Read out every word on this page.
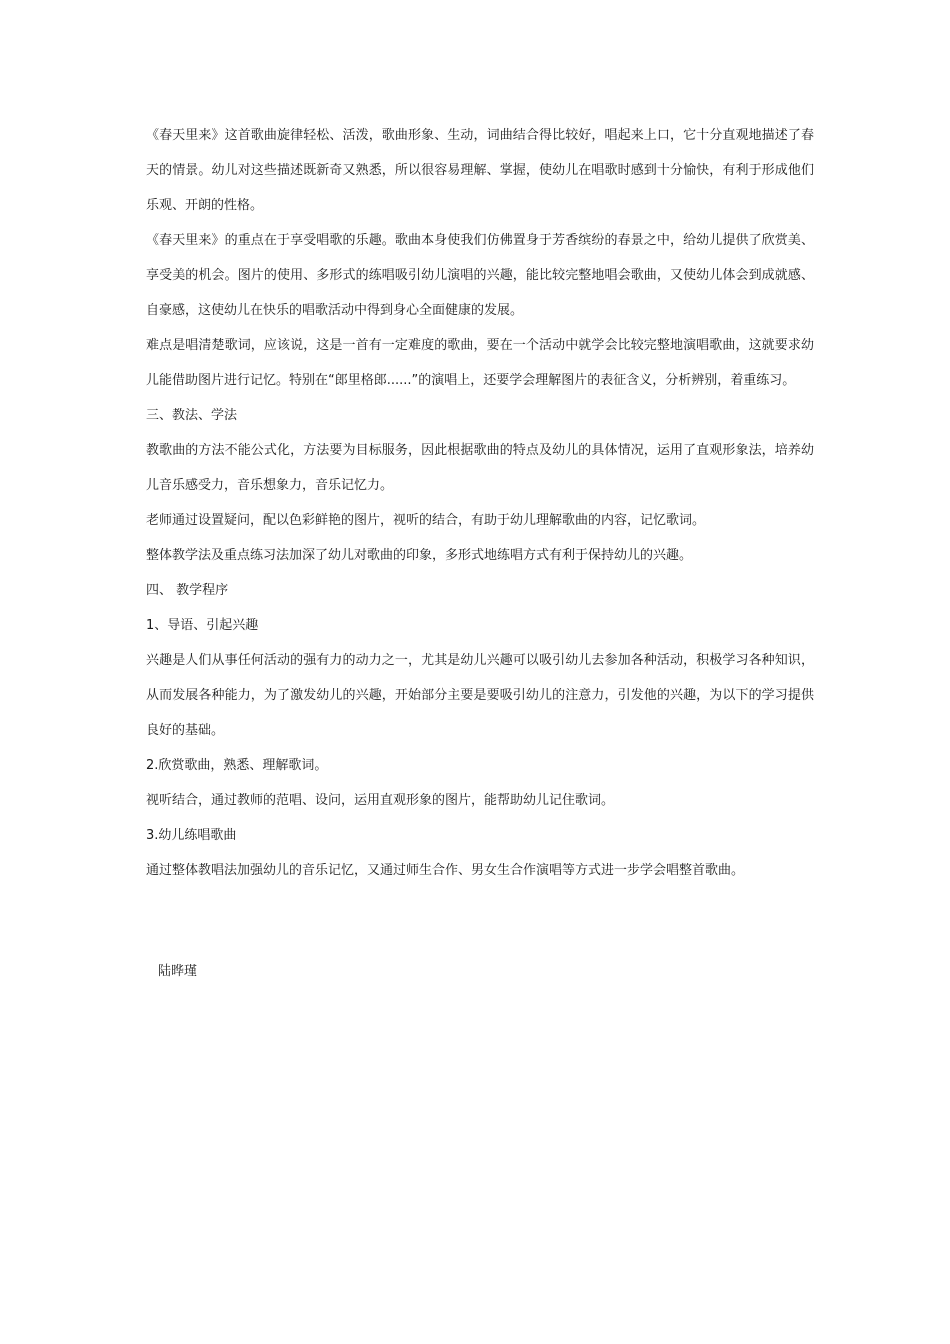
《春天里来》这首歌曲旋律轻松、活泼，歌曲形象、生动，词曲结合得比较好，唱起来上口，它十分直观地描述了春天的情景。幼儿对这些描述既新奇又熟悉，所以很容易理解、掌握，使幼儿在唱歌时感到十分愉快，有利于形成他们乐观、开朗的性格。

《春天里来》的重点在于享受唱歌的乐趣。歌曲本身使我们仿佛置身于芳香缤纷的春景之中，给幼儿提供了欣赏美、享受美的机会。图片的使用、多形式的练唱吸引幼儿演唱的兴趣，能比较完整地唱会歌曲，又使幼儿体会到成就感、自豪感，这使幼儿在快乐的唱歌活动中得到身心全面健康的发展。

难点是唱清楚歌词，应该说，这是一首有一定难度的歌曲，要在一个活动中就学会比较完整地演唱歌曲，这就要求幼儿能借助图片进行记忆。特别在“郎里格郎......”的演唱上，还要学会理解图片的表征含义，分析辨别，着重练习。

三、教法、学法

教歌曲的方法不能公式化，方法要为目标服务，因此根据歌曲的特点及幼儿的具体情况，运用了直观形象法，培养幼儿音乐感受力，音乐想象力，音乐记忆力。

老师通过设置疑问，配以色彩鲜艳的图片，视听的结合，有助于幼儿理解歌曲的内容，记忆歌词。

整体教学法及重点练习法加深了幼儿对歌曲的印象，多形式地练唱方式有利于保持幼儿的兴趣。

四、 教学程序

1、导语、引起兴趣

兴趣是人们从事任何活动的强有力的动力之一，尤其是幼儿兴趣可以吸引幼儿去参加各种活动，积极学习各种知识，从而发展各种能力，为了激发幼儿的兴趣，开始部分主要是要吸引幼儿的注意力，引发他的兴趣，为以下的学习提供良好的基础。

2.欣赏歌曲，熟悉、理解歌词。

视听结合，通过教师的范唱、设问，运用直观形象的图片，能帮助幼儿记住歌词。

3.幼儿练唱歌曲

通过整体教唱法加强幼儿的音乐记忆，又通过师生合作、男女生合作演唱等方式进一步学会唱整首歌曲。

陆晔瑾
